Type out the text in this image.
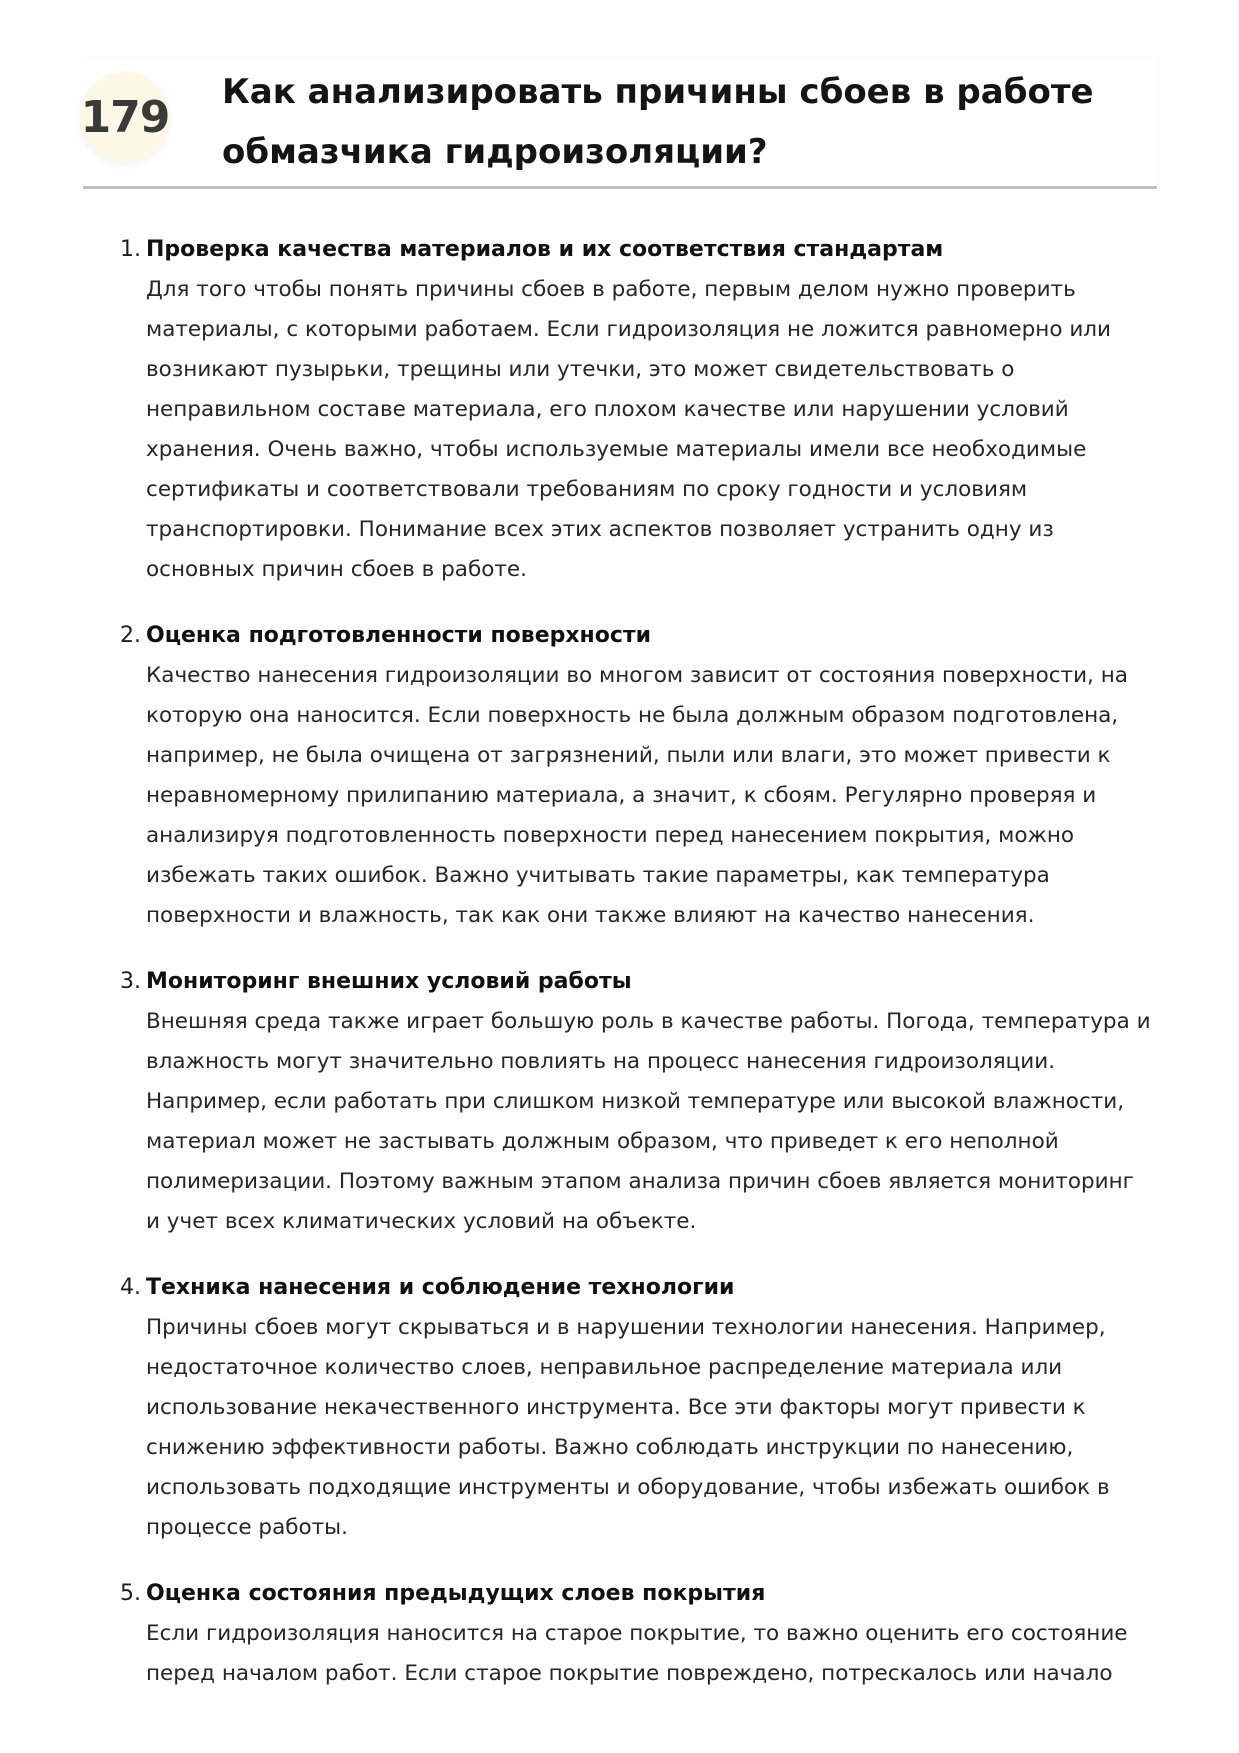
179 Как анализировать причины сбоев в работе
обмазчика гидроизоляции?
1. Проверка качества материалов и их соответствия стандартам

Для того чтобы понять причины сбоев в работе, первым делом нужно проверить
материалы, с которыми работаем. Если гидроизоляция не ложится равномерно или
возникают пузырьки, трещины или утечки, это может свидетельствовать о
неправильном составе материала, его плохом качестве или нарушении условий
хранения. Очень важно, чтобы используемые материалы имели все необходимые
сертификаты и соответствовали требованиям по сроку годности и условиям
транспортировки. Понимание всех этих аспектов позволяет устранить одну из
основных причин сбоев в работе.

2. Оценка подготовленности поверхности

Качество нанесения гидроизоляции во многом зависит от состояния поверхности, на
которую она наносится. Если поверхность не была должным образом подготовлена,
например, не была очищена от загрязнений, пыли или влаги, это может привести к
неравномерному прилипанию материала, а значит, к сбоям. Регулярно проверяя и
анализируя подготовленность поверхности перед нанесением покрытия, можно
избежать таких ошибок. Важно учитывать такие параметры, как температура
поверхности и влажность, так как они также влияют на качество нанесения.

3. Мониторинг внешних условий работы

Внешняя среда также играет большую роль в качестве работы. Погода, температура и
влажность могут значительно повлиять на процесс нанесения гидроизоляции.
Например, если работать при слишком низкой температуре или высокой влажности,
материал может не застывать должным образом, что приведет к его неполной
полимеризации. Поэтому важным этапом анализа причин сбоев является мониторинг
и учет всех климатических условий на объекте.

4. Техника нанесения и соблюдение технологии

Причины сбоев могут скрываться и в нарушении технологии нанесения. Например,
недостаточное количество слоев, неправильное распределение материала или
использование некачественного инструмента. Все эти факторы могут привести к
снижению эффективности работы. Важно соблюдать инструкции по нанесению,
использовать подходящие инструменты и оборудование, чтобы избежать ошибок в
процессе работы.

5. Оценка состояния предыдущих слоев покрытия

Если гидроизоляция наносится на старое покрытие, то важно оценить его состояние
перед началом работ. Если старое покрытие повреждено, потрескалось или начало
